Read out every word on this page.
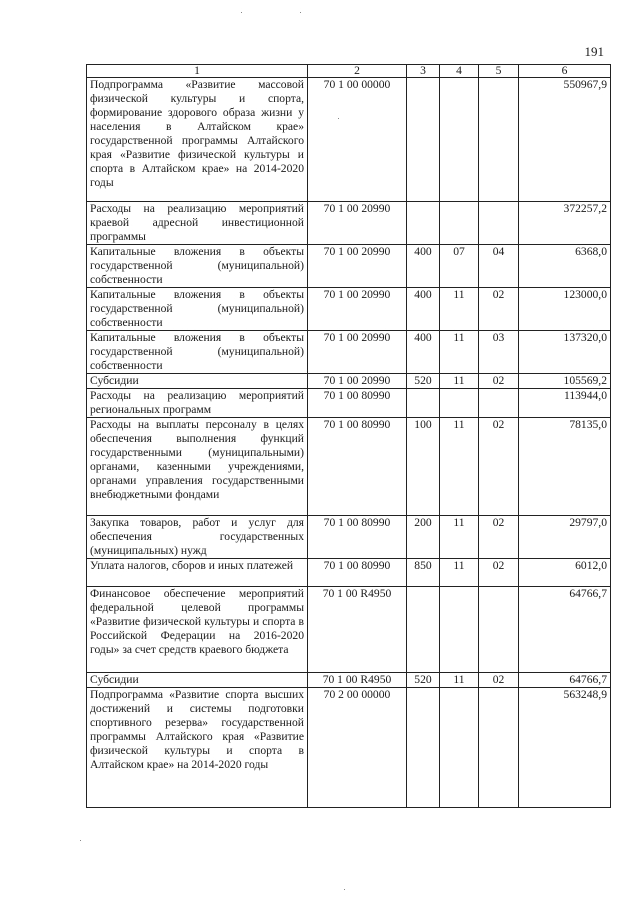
191
1	2	3	4	5	6
Подпрограмма «Развитие массовой физической культуры и спорта, формирование здорового образа жизни у населения в Алтайском крае» государственной программы Алтайского края «Развитие физической культуры и спорта в Алтайском крае» на 2014-2020 годы	70 1 00 00000				550967,9
Расходы на реализацию мероприятий краевой адресной инвестиционной программы	70 1 00 20990				372257,2
Капитальные вложения в объекты государственной (муниципальной) собственности	70 1 00 20990	400	07	04	6368,0
Капитальные вложения в объекты государственной (муниципальной) собственности	70 1 00 20990	400	11	02	123000,0
Капитальные вложения в объекты государственной (муниципальной) собственности	70 1 00 20990	400	11	03	137320,0
Субсидии	70 1 00 20990	520	11	02	105569,2
Расходы на реализацию мероприятий региональных программ	70 1 00 80990				113944,0
Расходы на выплаты персоналу в целях обеспечения выполнения функций государственными (муниципальными) органами, казенными учреждениями, органами управления государственными внебюджетными фондами	70 1 00 80990	100	11	02	78135,0
Закупка товаров, работ и услуг для обеспечения государственных (муниципальных) нужд	70 1 00 80990	200	11	02	29797,0
Уплата налогов, сборов и иных платежей	70 1 00 80990	850	11	02	6012,0
Финансовое обеспечение мероприятий федеральной целевой программы «Развитие физической культуры и спорта в Российской Федерации на 2016-2020 годы» за счет средств краевого бюджета	70 1 00 R4950				64766,7
Субсидии	70 1 00 R4950	520	11	02	64766,7
Подпрограмма «Развитие спорта высших достижений и системы подготовки спортивного резерва» государственной программы Алтайского края «Развитие физической культуры и спорта в Алтайском крае» на 2014-2020 годы	70 2 00 00000				563248,9
